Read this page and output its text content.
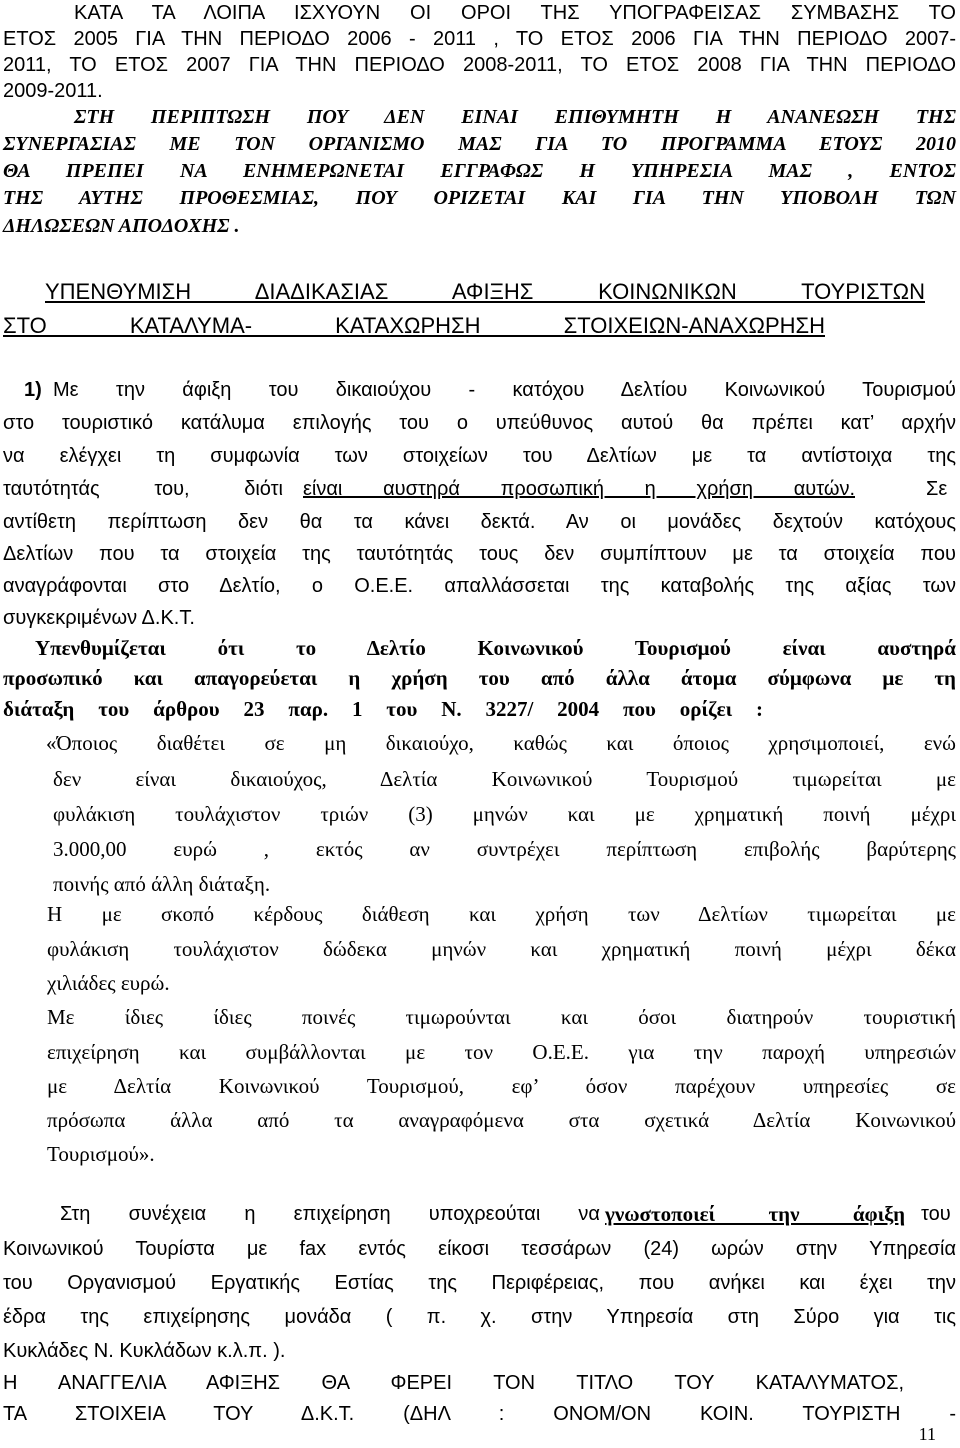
ΚΑΤΑ ΤΑ ΛΟΙΠΑ ΙΣΧΥΟΥΝ ΟΙ ΟΡΟΙ ΤΗΣ ΥΠΟΓΡΑΦΕΙΣΑΣ ΣΥΜΒΑΣΗΣ ΤΟ
ΕΤΟΣ 2005 ΓΙΑ ΤΗΝ ΠΕΡΙΟΔΟ 2006 - 2011 , ΤΟ ΕΤΟΣ 2006 ΓΙΑ ΤΗΝ ΠΕΡΙΟΔΟ 2007-
2011, ΤΟ ΕΤΟΣ 2007 ΓΙΑ ΤΗΝ ΠΕΡΙΟΔΟ 2008-2011, ΤΟ ΕΤΟΣ 2008 ΓΙΑ ΤΗΝ ΠΕΡΙΟΔΟ
2009-2011.
ΣΤΗ ΠΕΡΙΠΤΩΣΗ ΠΟΥ ΔΕΝ ΕΙΝΑΙ ΕΠΙΘΥΜΗΤΗ Η ΑΝΑΝΕΩΣΗ ΤΗΣ
ΣΥΝΕΡΓΑΣΙΑΣ ΜΕ ΤΟΝ ΟΡΓΑΝΙΣΜΟ ΜΑΣ ΓΙΑ ΤΟ ΠΡΟΓΡΑΜΜΑ ΕΤΟΥΣ 2010
ΘΑ ΠΡΕΠΕΙ ΝΑ ΕΝΗΜΕΡΩΝΕΤΑΙ ΕΓΓΡΑΦΩΣ Η ΥΠΗΡΕΣΙΑ ΜΑΣ , ΕΝΤΟΣ
ΤΗΣ ΑΥΤΗΣ ΠΡΟΘΕΣΜΙΑΣ, ΠΟΥ ΟΡΙΖΕΤΑΙ ΚΑΙ ΓΙΑ ΤΗΝ ΥΠΟΒΟΛΗ ΤΩΝ
ΔΗΛΩΣΕΩΝ ΑΠΟΔΟΧΗΣ .
ΥΠΕΝΘΥΜΙΣΗ ΔΙΑΔΙΚΑΣΙΑΣ ΑΦΙΞΗΣ ΚΟΙΝΩΝΙΚΩΝ ΤΟΥΡΙΣΤΩΝ
ΣΤΟ ΚΑΤΑΛΥΜΑ- ΚΑΤΑΧΩΡΗΣΗ ΣΤΟΙΧΕΙΩΝ-ΑΝΑΧΩΡΗΣΗ
1) Με την άφιξη του δικαιούχου - κατόχου Δελτίου Κοινωνικού Τουρισμού
στο τουριστικό κατάλυμα επιλογής του ο υπεύθυνος αυτού θα πρέπει κατ’ αρχήν
να ελέγχει τη συμφωνία των στοιχείων του Δελτίων με τα αντίστοιχα της
ταυτότητάς του, διότι είναι αυστηρά προσωπική η χρήση αυτών.	Σε
αντίθετη περίπτωση δεν θα τα κάνει δεκτά. Αν οι μονάδες δεχτούν κατόχους
Δελτίων που τα στοιχεία της ταυτότητάς τους δεν συμπίπτουν με τα στοιχεία που
αναγράφονται στο Δελτίο, ο Ο.Ε.Ε. απαλλάσσεται της καταβολής της αξίας των
συγκεκριμένων Δ.Κ.Τ.
Υπενθυμίζεται ότι το Δελτίο Κοινωνικού Τουρισμού είναι αυστηρά
προσωπικό και απαγορεύεται η χρήση του από άλλα άτομα σύμφωνα με τη
διάταξη του άρθρου 23 παρ. 1 του Ν. 3227/ 2004 που ορίζει :
«Όποιος διαθέτει σε μη δικαιούχο, καθώς και όποιος χρησιμοποιεί, ενώ
δεν είναι δικαιούχος, Δελτία Κοινωνικού Τουρισμού τιμωρείται με
φυλάκιση τουλάχιστον τριών (3) μηνών και με χρηματική ποινή μέχρι
3.000,00 ευρώ , εκτός αν συντρέχει περίπτωση επιβολής βαρύτερης
ποινής από άλλη διάταξη.
Η με σκοπό κέρδους διάθεση και χρήση των Δελτίων τιμωρείται με
φυλάκιση τουλάχιστον δώδεκα μηνών και χρηματική ποινή μέχρι δέκα
χιλιάδες ευρώ.
Με ίδιες ίδιες ποινές τιμωρούνται και όσοι διατηρούν τουριστική
επιχείρηση και συμβάλλονται με τον Ο.Ε.Ε. για την παροχή υπηρεσιών
με Δελτία Κοινωνικού Τουρισμού, εφ’ όσον παρέχουν υπηρεσίες σε
πρόσωπα άλλα από τα αναγραφόμενα στα σχετικά Δελτία Κοινωνικού
Τουρισμού».
Στη συνέχεια η επιχείρηση υποχρεούται να γνωστοποιεί την άφιξη του
Κοινωνικού Τουρίστα με fax εντός είκοσι τεσσάρων (24) ωρών στην Υπηρεσία
του Οργανισμού Εργατικής Εστίας της Περιφέρειας, που ανήκει και έχει την
έδρα της επιχείρησης μονάδα ( π. χ. στην Υπηρεσία στη Σύρο για τις
Κυκλάδες Ν. Κυκλάδων κ.λ.π. ).
Η ΑΝΑΓΓΕΛΙΑ ΑΦΙΞΗΣ ΘΑ ΦΕΡΕΙ ΤΟΝ ΤΙΤΛΟ ΤΟΥ ΚΑΤΑΛΥΜΑΤΟΣ,
ΤΑ ΣΤΟΙΧΕΙΑ ΤΟΥ Δ.Κ.Τ. (ΔΗΛ : ΟΝΟΜ/ΟΝ ΚΟΙΝ. ΤΟΥΡΙΣΤΗ -
11
